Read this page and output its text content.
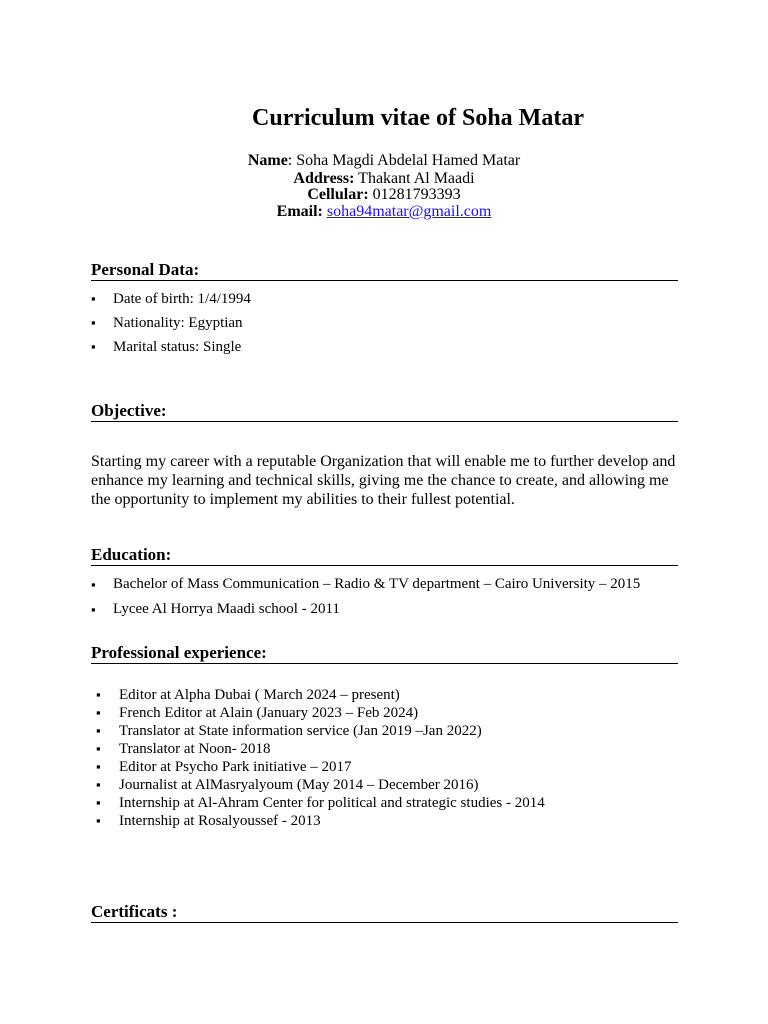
Curriculum vitae of Soha Matar
Name: Soha Magdi Abdelal Hamed Matar
Address: Thakant Al Maadi
Cellular: 01281793393
Email: soha94matar@gmail.com
Personal Data:
▪ Date of birth: 1/4/1994
▪ Nationality: Egyptian
▪ Marital status: Single
Objective:

Starting my career with a reputable Organization that will enable me to further develop and enhance my learning and technical skills, giving me the chance to create, and allowing me the opportunity to implement my abilities to their fullest potential.

Education:
▪ Bachelor of Mass Communication – Radio & TV department – Cairo University – 2015
▪ Lycee Al Horrya Maadi school - 2011
Professional experience:
▪ Editor at Alpha Dubai ( March 2024 – present)
▪ French Editor at Alain (January 2023 – Feb 2024)
▪ Translator at State information service (Jan 2019 –Jan 2022)
▪ Translator at Noon- 2018
▪ Editor at Psycho Park initiative – 2017
▪ Journalist at AlMasryalyoum (May 2014 – December 2016)
▪ Internship at Al-Ahram Center for political and strategic studies - 2014
▪ Internship at Rosalyoussef - 2013
Certificats :
